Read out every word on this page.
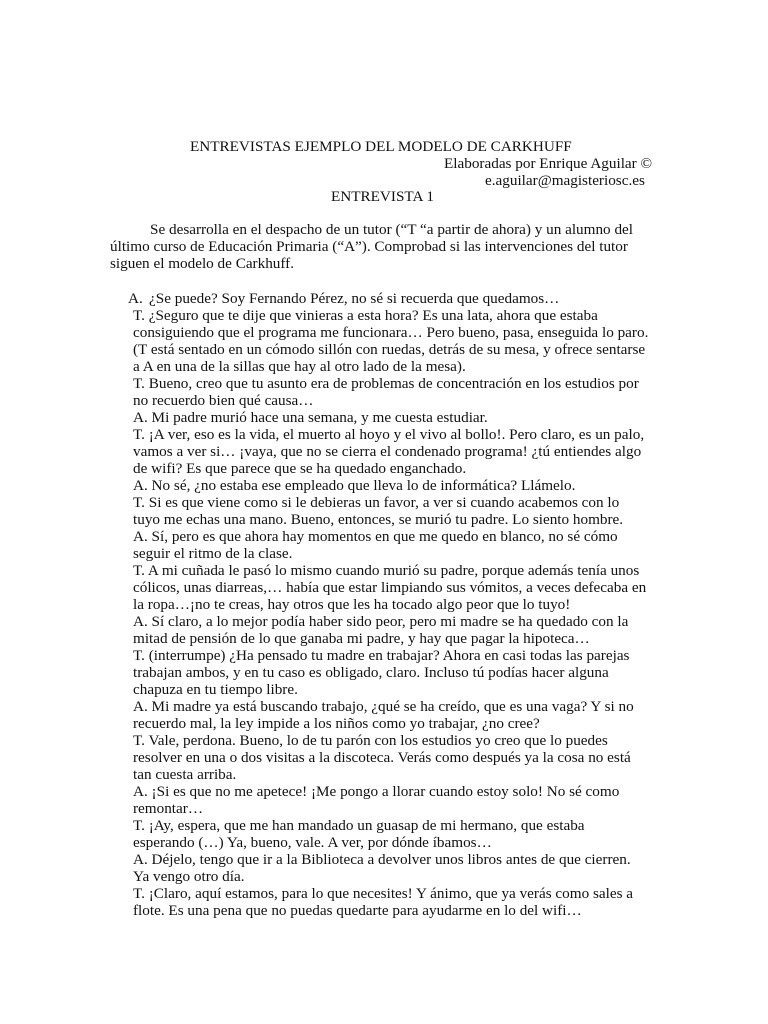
ENTREVISTAS EJEMPLO DEL MODELO DE CARKHUFF
Elaboradas por Enrique Aguilar ©
e.aguilar@magisteriosc.es
ENTREVISTA 1

Se desarrolla en el despacho de un tutor (“T “a partir de ahora) y un alumno del
último curso de Educación Primaria (“A”). Comprobad si las intervenciones del tutor
siguen el modelo de Carkhuff.

A. ¿Se puede? Soy Fernando Pérez, no sé si recuerda que quedamos…

T. ¿Seguro que te dije que vinieras a esta hora? Es una lata, ahora que estaba
consiguiendo que el programa me funcionara… Pero bueno, pasa, enseguida lo paro.
(T está sentado en un cómodo sillón con ruedas, detrás de su mesa, y ofrece sentarse
a A en una de la sillas que hay al otro lado de la mesa).

T. Bueno, creo que tu asunto era de problemas de concentración en los estudios por
no recuerdo bien qué causa…

A. Mi padre murió hace una semana, y me cuesta estudiar.

T. ¡A ver, eso es la vida, el muerto al hoyo y el vivo al bollo!. Pero claro, es un palo,
vamos a ver si… ¡vaya, que no se cierra el condenado programa! ¿tú entiendes algo
de wifi? Es que parece que se ha quedado enganchado.

A. No sé, ¿no estaba ese empleado que lleva lo de informática? Llámelo.

T. Si es que viene como si le debieras un favor, a ver si cuando acabemos con lo
tuyo me echas una mano. Bueno, entonces, se murió tu padre. Lo siento hombre.

A. Sí, pero es que ahora hay momentos en que me quedo en blanco, no sé cómo
seguir el ritmo de la clase.

T. A mi cuñada le pasó lo mismo cuando murió su padre, porque además tenía unos
cólicos, unas diarreas,… había que estar limpiando sus vómitos, a veces defecaba en
la ropa…¡no te creas, hay otros que les ha tocado algo peor que lo tuyo!

A. Sí claro, a lo mejor podía haber sido peor, pero mi madre se ha quedado con la
mitad de pensión de lo que ganaba mi padre, y hay que pagar la hipoteca…

T. (interrumpe) ¿Ha pensado tu madre en trabajar? Ahora en casi todas las parejas
trabajan ambos, y en tu caso es obligado, claro. Incluso tú podías hacer alguna
chapuza en tu tiempo libre.

A. Mi madre ya está buscando trabajo, ¿qué se ha creído, que es una vaga? Y si no
recuerdo mal, la ley impide a los niños como yo trabajar, ¿no cree?

T. Vale, perdona. Bueno, lo de tu parón con los estudios yo creo que lo puedes
resolver en una o dos visitas a la discoteca. Verás como después ya la cosa no está
tan cuesta arriba.

A. ¡Si es que no me apetece! ¡Me pongo a llorar cuando estoy solo! No sé como
remontar…

T. ¡Ay, espera, que me han mandado un guasap de mi hermano, que estaba
esperando (…) Ya, bueno, vale. A ver, por dónde íbamos…

A. Déjelo, tengo que ir a la Biblioteca a devolver unos libros antes de que cierren.
Ya vengo otro día.

T. ¡Claro, aquí estamos, para lo que necesites! Y ánimo, que ya verás como sales a
flote. Es una pena que no puedas quedarte para ayudarme en lo del wifi…
